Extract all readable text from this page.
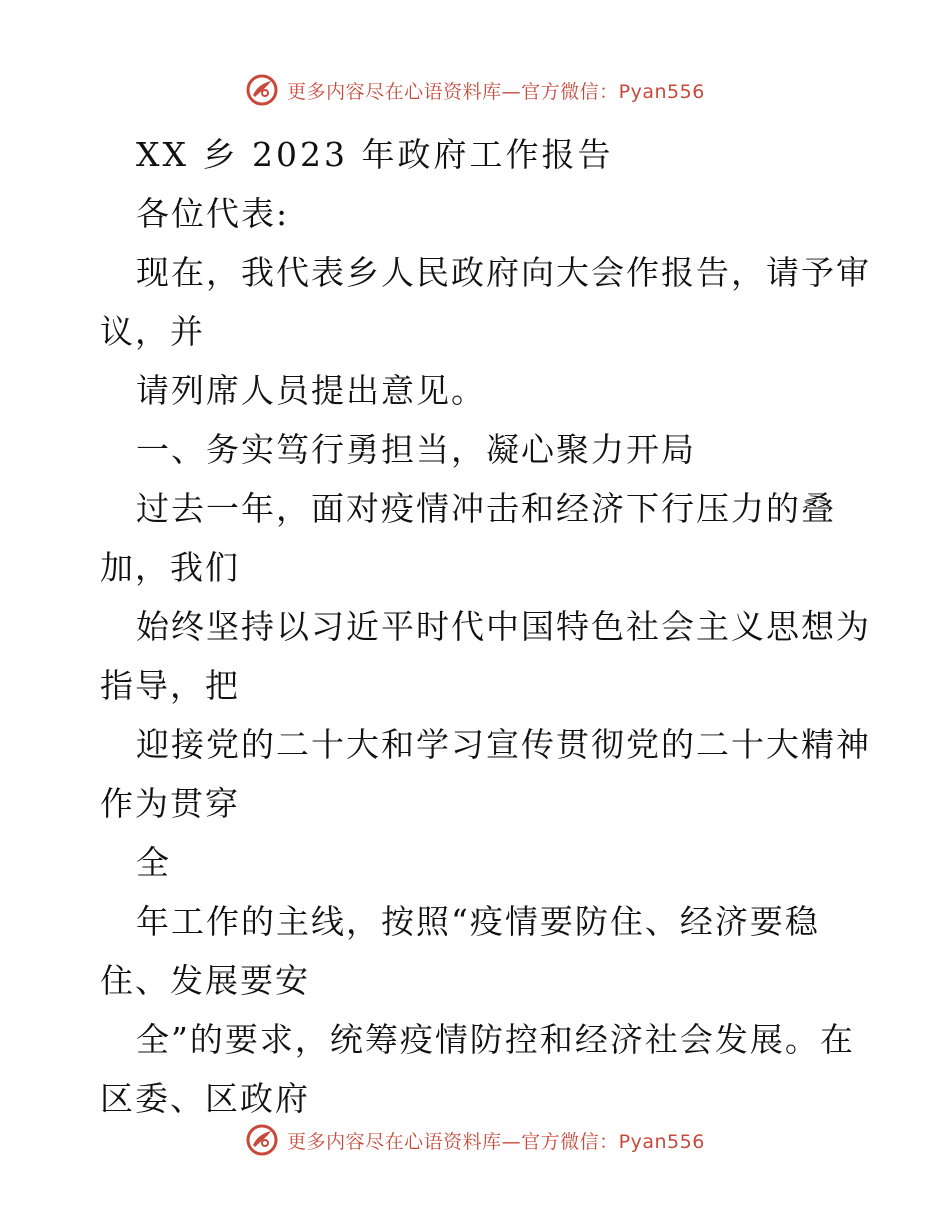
更多内容尽在心语资料库—官方微信：Pyan556
XX 乡 2023 年政府工作报告
各位代表:
现在，我代表乡人民政府向大会作报告，请予审
议，并
请列席人员提出意见。
一、务实笃行勇担当，凝心聚力开局
过去一年，面对疫情冲击和经济下行压力的叠
加，我们
始终坚持以习近平时代中国特色社会主义思想为
指导，把
迎接党的二十大和学习宣传贯彻党的二十大精神
作为贯穿
全
年工作的主线，按照“疫情要防住、经济要稳
住、发展要安
全”的要求，统筹疫情防控和经济社会发展。在
区委、区政府
更多内容尽在心语资料库—官方微信：Pyan556
